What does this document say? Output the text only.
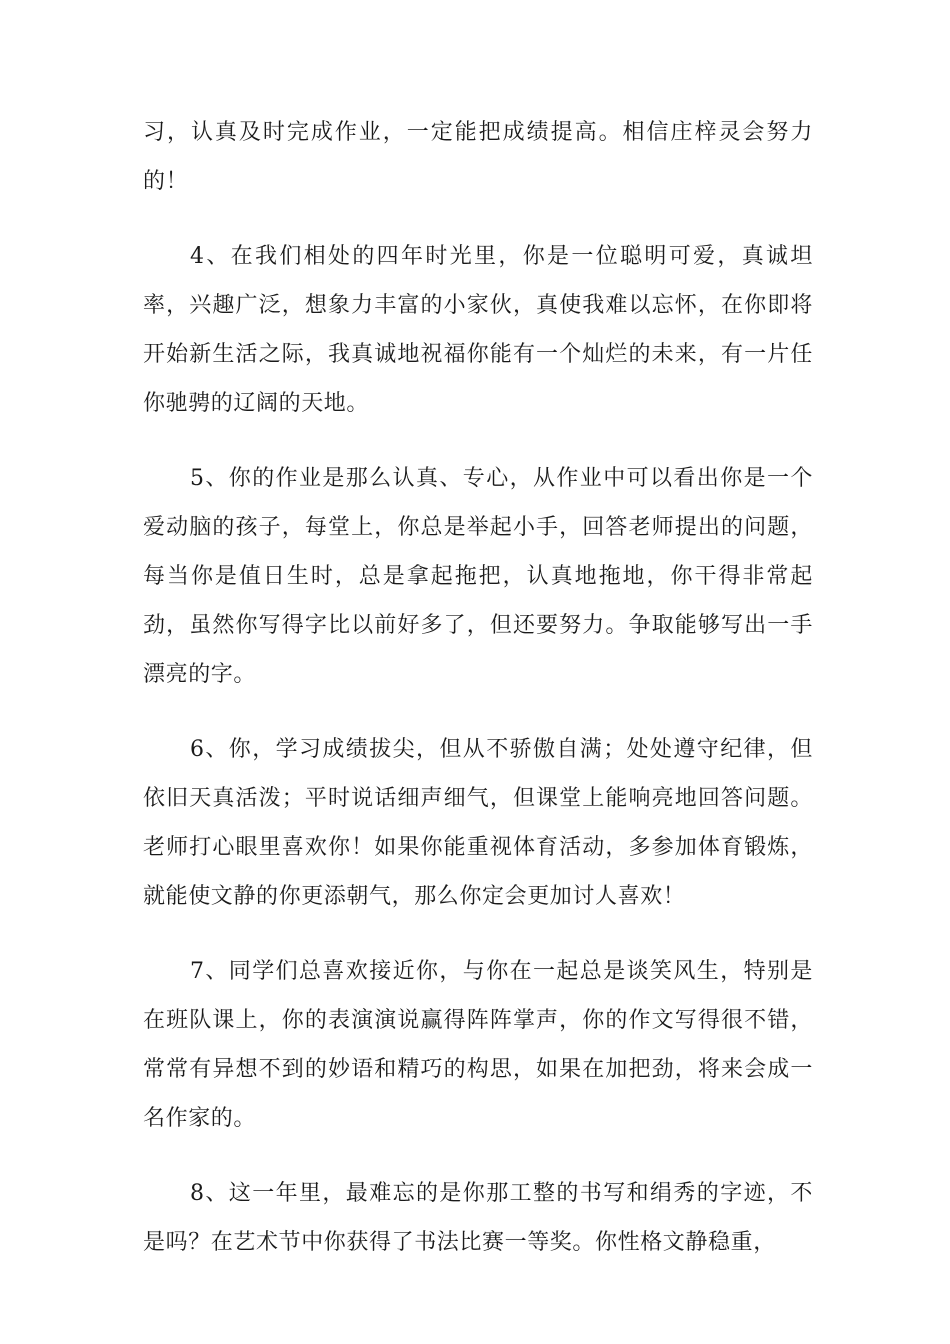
习，认真及时完成作业，一定能把成绩提高。相信庄梓灵会努力的！

4、在我们相处的四年时光里，你是一位聪明可爱，真诚坦率，兴趣广泛，想象力丰富的小家伙，真使我难以忘怀，在你即将开始新生活之际，我真诚地祝福你能有一个灿烂的未来，有一片任你驰骋的辽阔的天地。

5、你的作业是那么认真、专心，从作业中可以看出你是一个爱动脑的孩子，每堂上，你总是举起小手，回答老师提出的问题，每当你是值日生时，总是拿起拖把，认真地拖地，你干得非常起劲，虽然你写得字比以前好多了，但还要努力。争取能够写出一手漂亮的字。

6、你，学习成绩拔尖，但从不骄傲自满；处处遵守纪律，但依旧天真活泼；平时说话细声细气，但课堂上能响亮地回答问题。老师打心眼里喜欢你！如果你能重视体育活动，多参加体育锻炼，就能使文静的你更添朝气，那么你定会更加讨人喜欢！

7、同学们总喜欢接近你，与你在一起总是谈笑风生，特别是在班队课上，你的表演演说赢得阵阵掌声，你的作文写得很不错，常常有异想不到的妙语和精巧的构思，如果在加把劲，将来会成一名作家的。

8、这一年里，最难忘的是你那工整的书写和绢秀的字迹，不是吗？在艺术节中你获得了书法比赛一等奖。你性格文静稳重，
